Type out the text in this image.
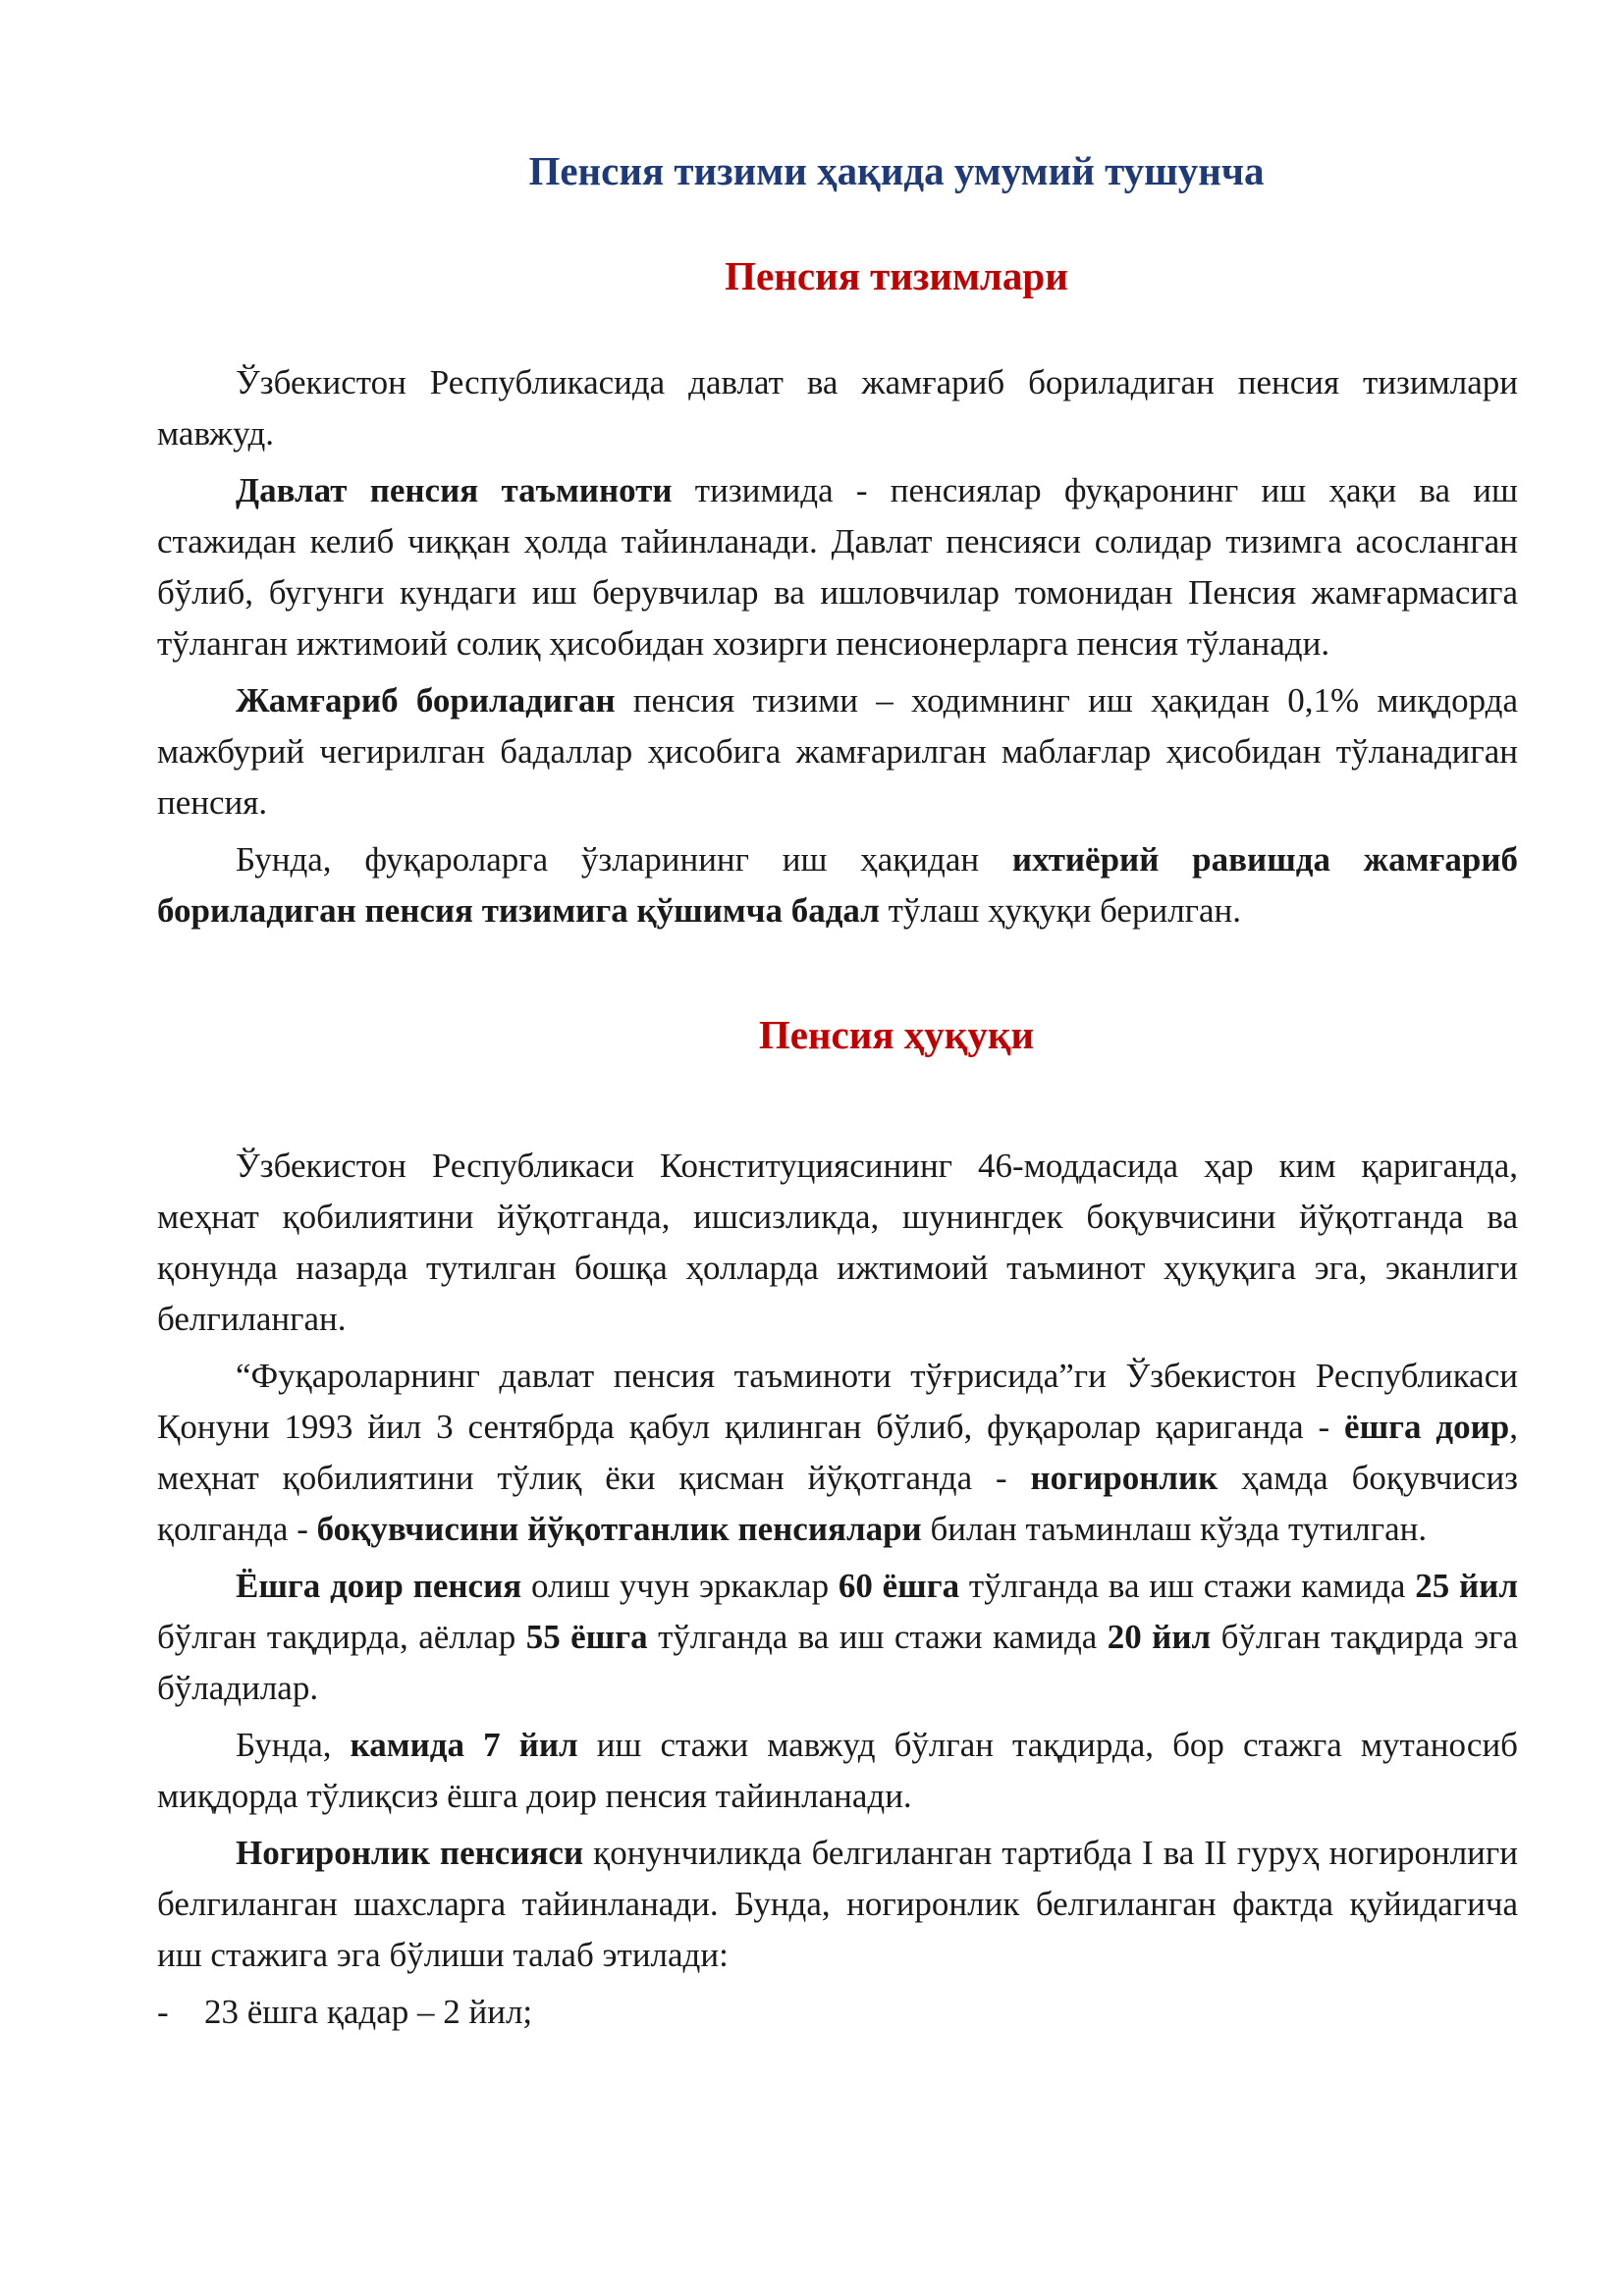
Пенсия тизими ҳақида умумий тушунча
Пенсия тизимлари

Ўзбекистон Республикасида давлат ва жамғариб бориладиган пенсия тизимлари мавжуд.

Давлат пенсия таъминоти тизимида - пенсиялар фуқаронинг иш ҳақи ва иш стажидан келиб чиққан ҳолда тайинланади. Давлат пенсияси солидар тизимга асосланган бўлиб, бугунги кундаги иш берувчилар ва ишловчилар томонидан Пенсия жамғармасига тўланган ижтимоий солиқ ҳисобидан хозирги пенсионерларга пенсия тўланади.

Жамғариб бориладиган пенсия тизими – ходимнинг иш ҳақидан 0,1% миқдорда мажбурий чегирилган бадаллар ҳисобига жамғарилган маблағлар ҳисобидан тўланадиган пенсия.

Бунда, фуқароларга ўзларининг иш ҳақидан ихтиёрий равишда жамғариб бориладиган пенсия тизимига қўшимча бадал тўлаш ҳуқуқи берилган.

Пенсия ҳуқуқи

Ўзбекистон Республикаси Конституциясининг 46-моддасида ҳар ким қариганда, меҳнат қобилиятини йўқотганда, ишсизликда, шунингдек боқувчисини йўқотганда ва қонунда назарда тутилган бошқа ҳолларда ижтимоий таъминот ҳуқуқига эга, эканлиги белгиланган.

“Фуқароларнинг давлат пенсия таъминоти тўғрисида”ги Ўзбекистон Республикаси Қонуни 1993 йил 3 сентябрда қабул қилинган бўлиб, фуқаролар қариганда - ёшга доир, меҳнат қобилиятини тўлиқ ёки қисман йўқотганда - ногиронлик ҳамда боқувчисиз қолганда - боқувчисини йўқотганлик пенсиялари билан таъминлаш кўзда тутилган.

Ёшга доир пенсия олиш учун эркаклар 60 ёшга тўлганда ва иш стажи камида 25 йил бўлган тақдирда, аёллар 55 ёшга тўлганда ва иш стажи камида 20 йил бўлган тақдирда эга бўладилар.

Бунда, камида 7 йил иш стажи мавжуд бўлган тақдирда, бор стажга мутаносиб миқдорда тўлиқсиз ёшга доир пенсия тайинланади.

Ногиронлик пенсияси қонунчиликда белгиланган тартибда I ва II гуруҳ ногиронлиги белгиланган шахсларга тайинланади. Бунда, ногиронлик белгиланган фактда қуйидагича иш стажига эга бўлиши талаб этилади:

-	23 ёшга қадар – 2 йил;
